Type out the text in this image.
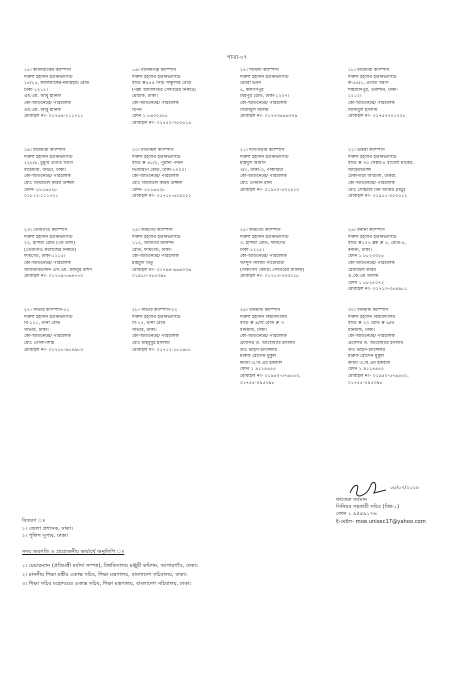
পাতা-০৭
১৫। কালিয়াকৈর ক্যাম্পাস
দারুল ইহসান ইউনিভার্সিটি
১৫/১৫, কালিয়াকৈর-নয়ারহাট রোড
ঢাকা-১২১৭।
এম.এম. আবু হানিফ
কো-অর্ডিনেটর/ পরিচালক
এম.এম. আবু হানিফ
মোবাইল নং- ০১৭৫৯-২১১৭১১
১৬। মানিকগঞ্জ ক্যাম্পাস
দারুল ইহসান ইউনিভার্সিটি
বাড়ি #৪৪৪ সিটি সার্কুলার রোড
(পল্লী আদালতির সেন্টারের নিকটে)
মৌচাক, ঢাকা।
কো-অর্ডিনেটর/ পরিচালক
রিপন
ফোন ১ ৮৬৩২৪৮৮
মোবাইল নং- ০১৭৫২-৩৫৩৫১৪
১৭। শ্যামলী ক্যাম্পাস
দারুল ইহসান ইউনিভার্সিটি
রৈবরা ভবন
৪, কল্যাণপুর
মিরপুর রোড, ঢাকা-১২০৭।
কো-অর্ডিনেটর/ পরিচালক
সিরাজুল আলম
মোবাইল নং- ০১৭৭৩৬৫৬৩৭৯
১৮। বারিধারা ক্যাম্পাস
দারুল ইহসান ইউনিভার্সিটি
ক-৪৪/১, প্রগতি সরণি
শাহজাদপুর, গুলশান, ঢাকা-
১২১২।
কো-অর্ডিনেটর/ পরিচালক
মিজিবুল ইসলাম
মোবাইল নং- ০১৭৫৭০০১৭২৮
১৯। বারিধারা ক্যাম্পাস
দারুল ইহসান ইউনিভার্সিটি
২২৮/৪, চুমুরি প্রগতি সরণী
বারিধারা, বাড্ডা, ঢাকা।
কো-অর্ডিনেটর/ পরিচালক
মোঃ জিয়াউল করিম উজ্জল
ফোন- ৮৮১৬৫২৮
০১৮১২-১১১৭২১
২০। মতিঝিল ক্যাম্পাস
দারুল ইহসান ইউনিভার্সিটি
বাড়ি # ৪৮/২, পুরানা পল্টন
ভিআইপি রোড, ঢাকা-১০০০।
কো-অর্ডিনেটর/ পরিচালক
মোঃ জিয়াউল করিম উজ্জল
ফোন- ৮৮১৬৫২৮
মোবাইল নং- ০১৭১৮-৬২৯২২২
২১। দাসপাড়ার ক্যাম্পাস
দারুল ইহসান ইউনিভার্সিটি
মাইদুল আমাস
৩/১, ঢাকা-৩, পাকারিটা
কো-অর্ডিনেটর/ পরিচালক
মোঃ ওসমান রানা
মোবাইল নং- ০১৯২০-৫৩২৪১০
২২। উত্তরা ক্যাম্পাস
দারুল ইহসান ইউনিভার্সিটি
বাড়ি # ৩৫ সেক্টর-৪ বাংলো মার্কেট,
আড়িয়াডাঙ্গা
ঢেকাপাড়া আশুলি, উত্তরা,
কো-অর্ডিনেটর/ পরিচালক
মোঃ সোহরাব বিন আমির (মিঠু)
মোবাইল নং- ০১৯১১-০৫০৫১২
২৩। তেজগাঁও ক্যাম্পাস
দারুল ইহসান ইউনিভার্সিটি
২২, ইন্দিরা রোড (৩য় তলা)
(তেজগাঁও কলেজের নিকটে)
ফার্মগেট, ঢাকা-১২১৫।
কো-অর্ডিনেটর/ পরিচালক
আফতাবউদ্দিন এস.এম. মজনুর রশিদ
মোবাইল নং- ০১৭১৯-৮৬৪৭৭০
২৪। ফার্মগেট ক্যাম্পাস
দারুল ইহসান ইউনিভার্সিটি
১১২, আজগর ম্যানশন
রোড, ফার্মগেট, ঢাকা।
কো-অর্ডিনেটর/ পরিচালক
মাহমুদা মিতু
মোবাইল নং- ০১৭৯৪-৬৬৬০০৬
০১৯১০-৫৮৮৩৯৮
২৫। ফার্মগেট ক্যাম্পাস
দারুল ইহসান ইউনিভার্সিটি
৩, ইন্দিরা রোড, ফার্মগেট
ঢাকা-১২১৫।
কো-অর্ডিনেটর/ পরিচালক
আব্দুস সালাম পাটোয়ারী
(সাকসেস কোচিং সেন্টারের মালিক)
মোবাইল নং- ০১৭১৩-০৩৩০১৮
২৬। বনানী ক্যাম্পাস
দারুল ইহসান ইউনিভার্সিটি
বাড়ি #১০৭ ব্লক # ৫, রোড-৪,
বনানী, ঢাকা।
ফোন ১ ৮৮২৩৩২৫
কো-অর্ডিনেটর/ পরিচালক
রেজাউল করিম
এ.কে.এম আলম
ফোন ১ ৮৮২৫০৭২
মোবাইল নং- ০১৭১৩-৩৪৪৯৮১
২৭। সাভার ক্যাম্পাস-০১
দারুল ইহসান ইউনিভার্সিটি
বি-১২১, থানা রোড
সাভার, ঢাকা।
কো-অর্ডিনেটর/ পরিচালক
মোঃ গোলাপশাহ
মোবাইল নং- ০১৭১৮-৯৫৪৯৮৩
২৮। সাভার ক্যাম্পাস-০২
দারুল ইহসান ইউনিভার্সিটি
বি-১৫, থানা রোড
সাভার, ঢাকা।
কো-অর্ডিনেটর/ পরিচালক
মোঃ মাহবুবুর ইসলাম
মোবাইল নং- ০১৭১২-১৫১৬৮৮
২৯। ধানমন্ডি ক্যাম্পাস
দারুল ইহসান বিশ্ববিদ্যালয়
বাড়ি # ৯/বি রোড # ৩
ধানমন্ডি, ঢাকা।
কো-অর্ডিনেটর/ পরিচালক
প্রফেসর ড. আবোধ্যার ইসলাম
ডাঃ ভাইস-চ্যান্সেলর
মারুফ হোসেন মুকুল
কাজী এ.বি.এম ইকবাল
ফোন ১ ৯১১৪৪৫৫
মোবাইল নং- ০১৯৫০-৫৭৬৫৫০,
০১৭৫৫-০৯৫৩৯৮
৩০। ধানমন্ডি ক্যাম্পাস
দারুল ইহসান বিশ্ববিদ্যালয়
বাড়ি # ২০ রোড # ৬/এ
ধানমন্ডি, ঢাকা।
কো-অর্ডিনেটর/ পরিচালক
প্রফেসর ড. আবোধ্যার ইসলাম
ডাঃ ভাইস-চ্যান্সেলর
মারুফ হোসেন মুকুল
কাজী এ.বি.এম ইকবাল
ফোন ১ ৯১১৪৪৫৫
মোবাইল নং- ০১৯৫০-৫৭৬৫৫০,
০১৭৫৫-০৯৫৩৯৮
০৮/০৭/২০১৮
ফাতেমা জামান
সিনিয়র সহকারী সচিব (বিশ্ব-১)
ফোন ১ ৯৫৪৯১৭৬
ই-মেইল- moe.unisec17@yahoo.com
বিতরণ ঃ
১। জেলা প্রশাসক, ঢাকা।
২। পুলিশ সুপার, ঢাকা।
সদয় অবগতি ও প্রয়োজনীয় কার্যার্থে অনুলিপি ঃ
১। চেয়ারম্যান (প্রতিমন্ত্রী মর্যাদা সম্পন্ন), বিশ্ববিদ্যালয় মঞ্জুরী কমিশন, আগারগাঁও, ঢাকা।
২। মাননীয় শিক্ষা মন্ত্রীর একান্ত সচিব, শিক্ষা মন্ত্রণালয়, বাংলাদেশ সচিবালয়, ঢাকা।
৩। শিক্ষা সচিব মহোদয়ের একান্ত সচিব, শিক্ষা মন্ত্রণালয়, বাংলাদেশ সচিবালয়, ঢাকা।
